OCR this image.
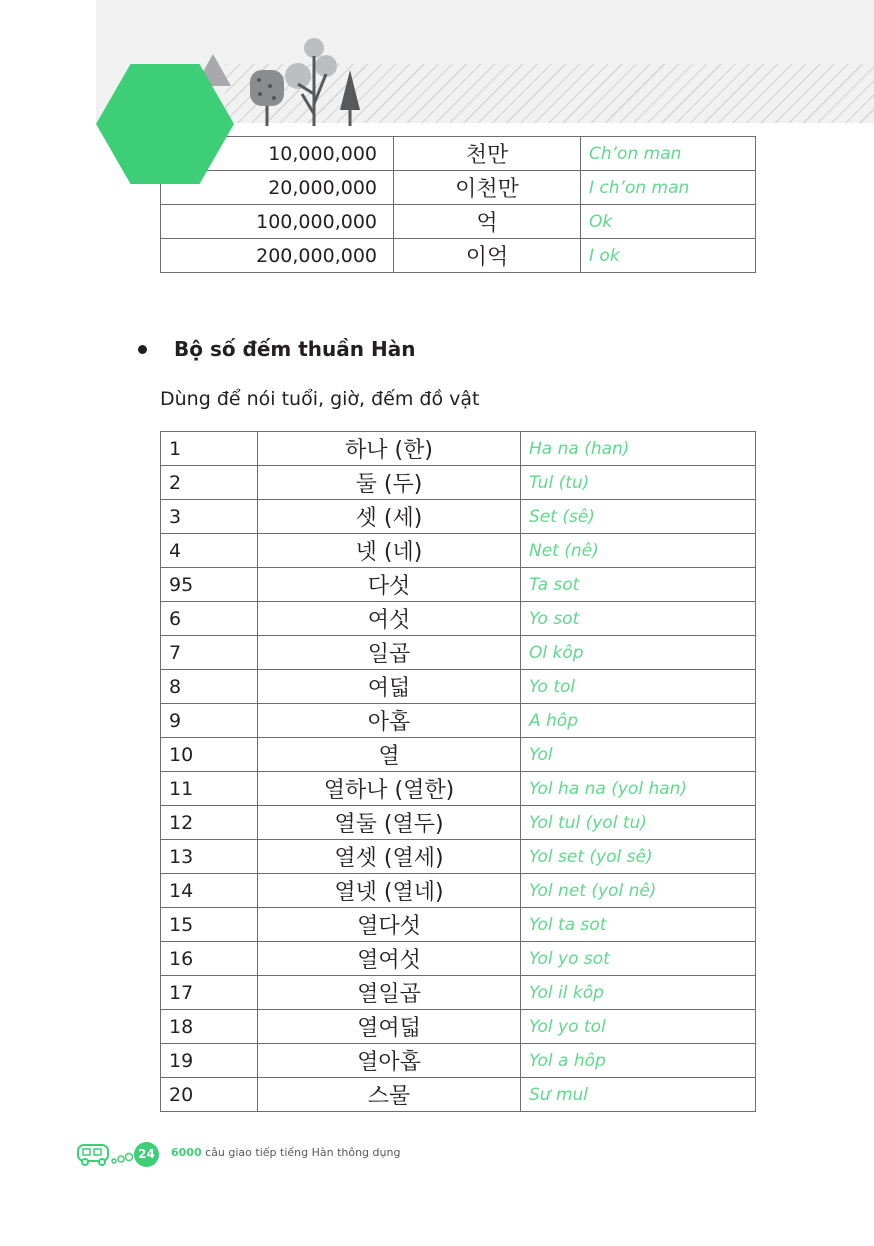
10,000,000	천만	Ch’on man
20,000,000	이천만	I ch’on man
100,000,000	억	Ok
200,000,000	이억	I ok
Bộ số đếm thuần Hàn
Dùng để nói tuổi, giờ, đếm đồ vật
1	하나 (한)	Ha na (han)
2	둘 (두)	Tul (tu)
3	셋 (세)	Set (sê)
4	넷 (네)	Net (nê)
95	다섯	Ta sot
6	여섯	Yo sot
7	일곱	Ol kôp
8	여덟	Yo tol
9	아홉	A hôp
10	열	Yol
11	열하나 (열한)	Yol ha na (yol han)
12	열둘 (열두)	Yol tul (yol tu)
13	열셋 (열세)	Yol set (yol sê)
14	열넷 (열네)	Yol net (yol nê)
15	열다섯	Yol ta sot
16	열여섯	Yol yo sot
17	열일곱	Yol il kôp
18	열여덟	Yol yo tol
19	열아홉	Yol a hôp
20	스물	Sư mul
24	6000 câu giao tiếp tiếng Hàn thông dụng
